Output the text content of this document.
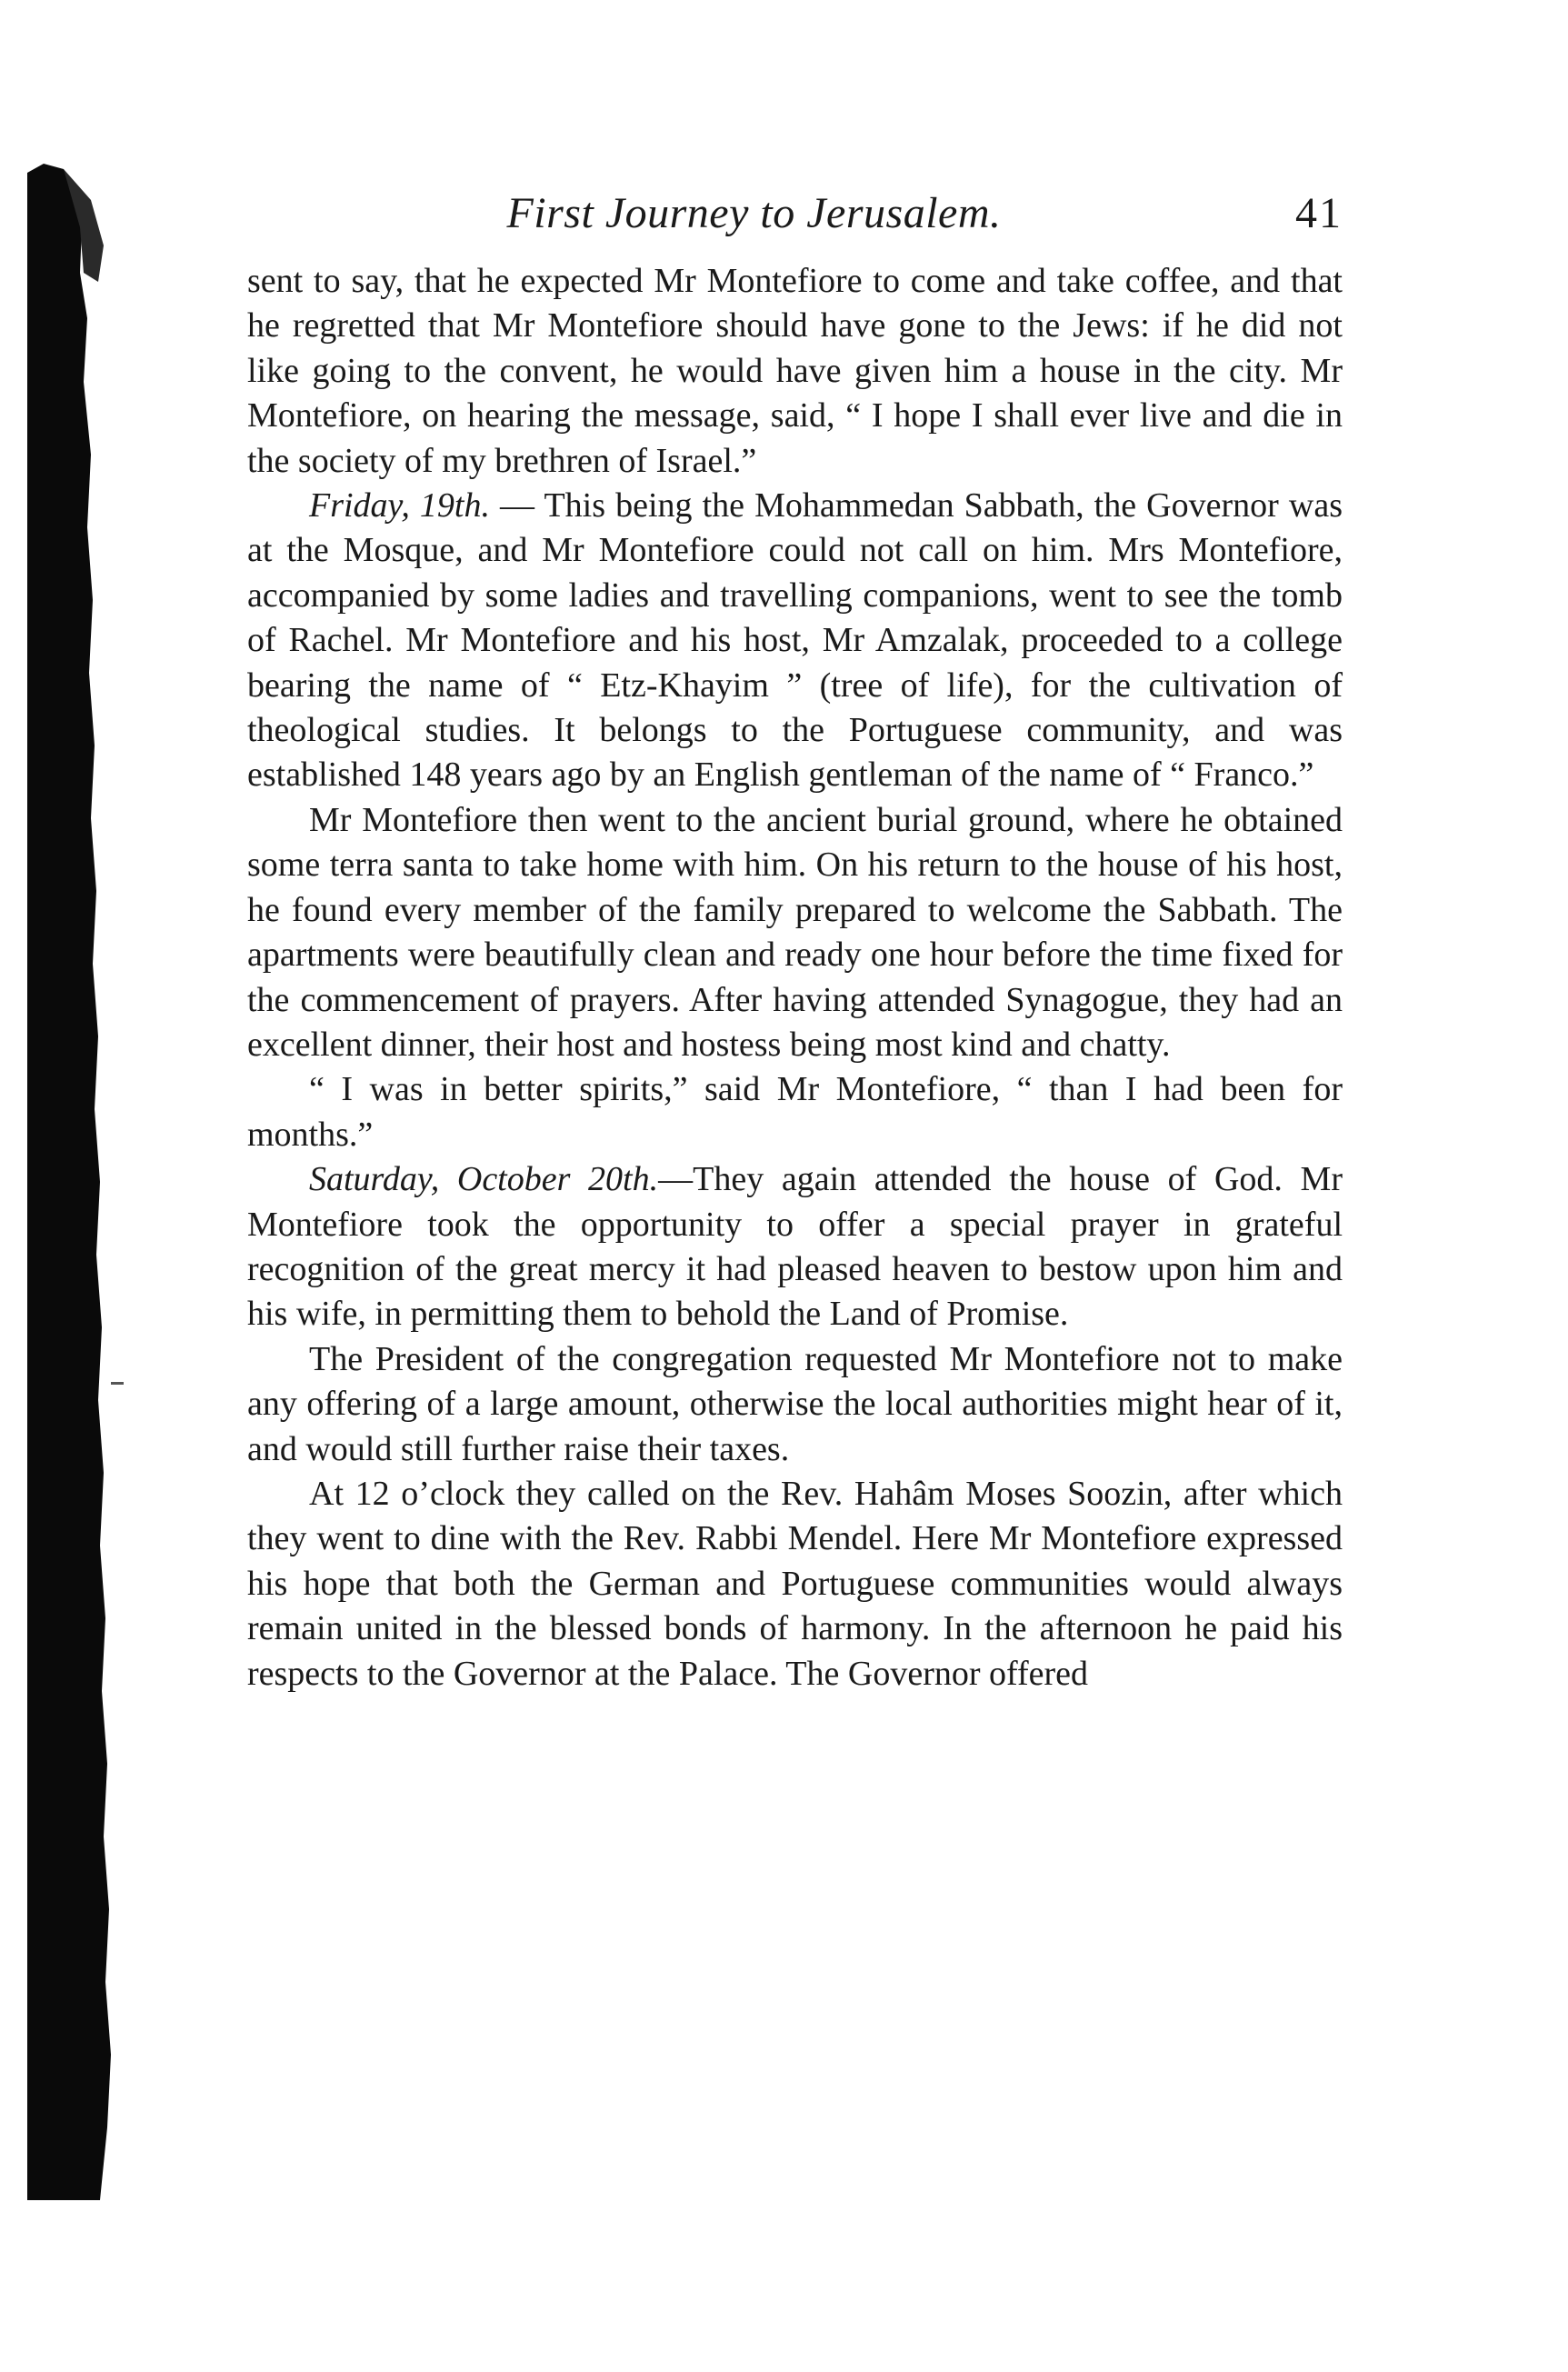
First Journey to Jerusalem.	41

sent to say, that he expected Mr Montefiore to come and take coffee, and that he regretted that Mr Montefiore should have gone to the Jews: if he did not like going to the convent, he would have given him a house in the city. Mr Montefiore, on hearing the message, said, “ I hope I shall ever live and die in the society of my brethren of Israel.”

Friday, 19th. — This being the Mohammedan Sabbath, the Governor was at the Mosque, and Mr Montefiore could not call on him. Mrs Montefiore, accompanied by some ladies and travelling companions, went to see the tomb of Rachel. Mr Montefiore and his host, Mr Amzalak, proceeded to a college bearing the name of “ Etz-Khayim ” (tree of life), for the cultivation of theological studies. It belongs to the Portuguese community, and was established 148 years ago by an English gentleman of the name of “ Franco.”

Mr Montefiore then went to the ancient burial ground, where he obtained some terra santa to take home with him. On his return to the house of his host, he found every member of the family prepared to welcome the Sabbath. The apartments were beautifully clean and ready one hour before the time fixed for the commencement of prayers. After having attended Synagogue, they had an excellent dinner, their host and hostess being most kind and chatty.

“ I was in better spirits,” said Mr Montefiore, “ than I had been for months.”

Saturday, October 20th.—They again attended the house of God. Mr Montefiore took the opportunity to offer a special prayer in grateful recognition of the great mercy it had pleased heaven to bestow upon him and his wife, in permitting them to behold the Land of Promise.

The President of the congregation requested Mr Montefiore not to make any offering of a large amount, otherwise the local authorities might hear of it, and would still further raise their taxes.

At 12 o’clock they called on the Rev. Hahâm Moses Soozin, after which they went to dine with the Rev. Rabbi Mendel. Here Mr Montefiore expressed his hope that both the German and Portuguese communities would always remain united in the blessed bonds of harmony. In the afternoon he paid his respects to the Governor at the Palace. The Governor offered
